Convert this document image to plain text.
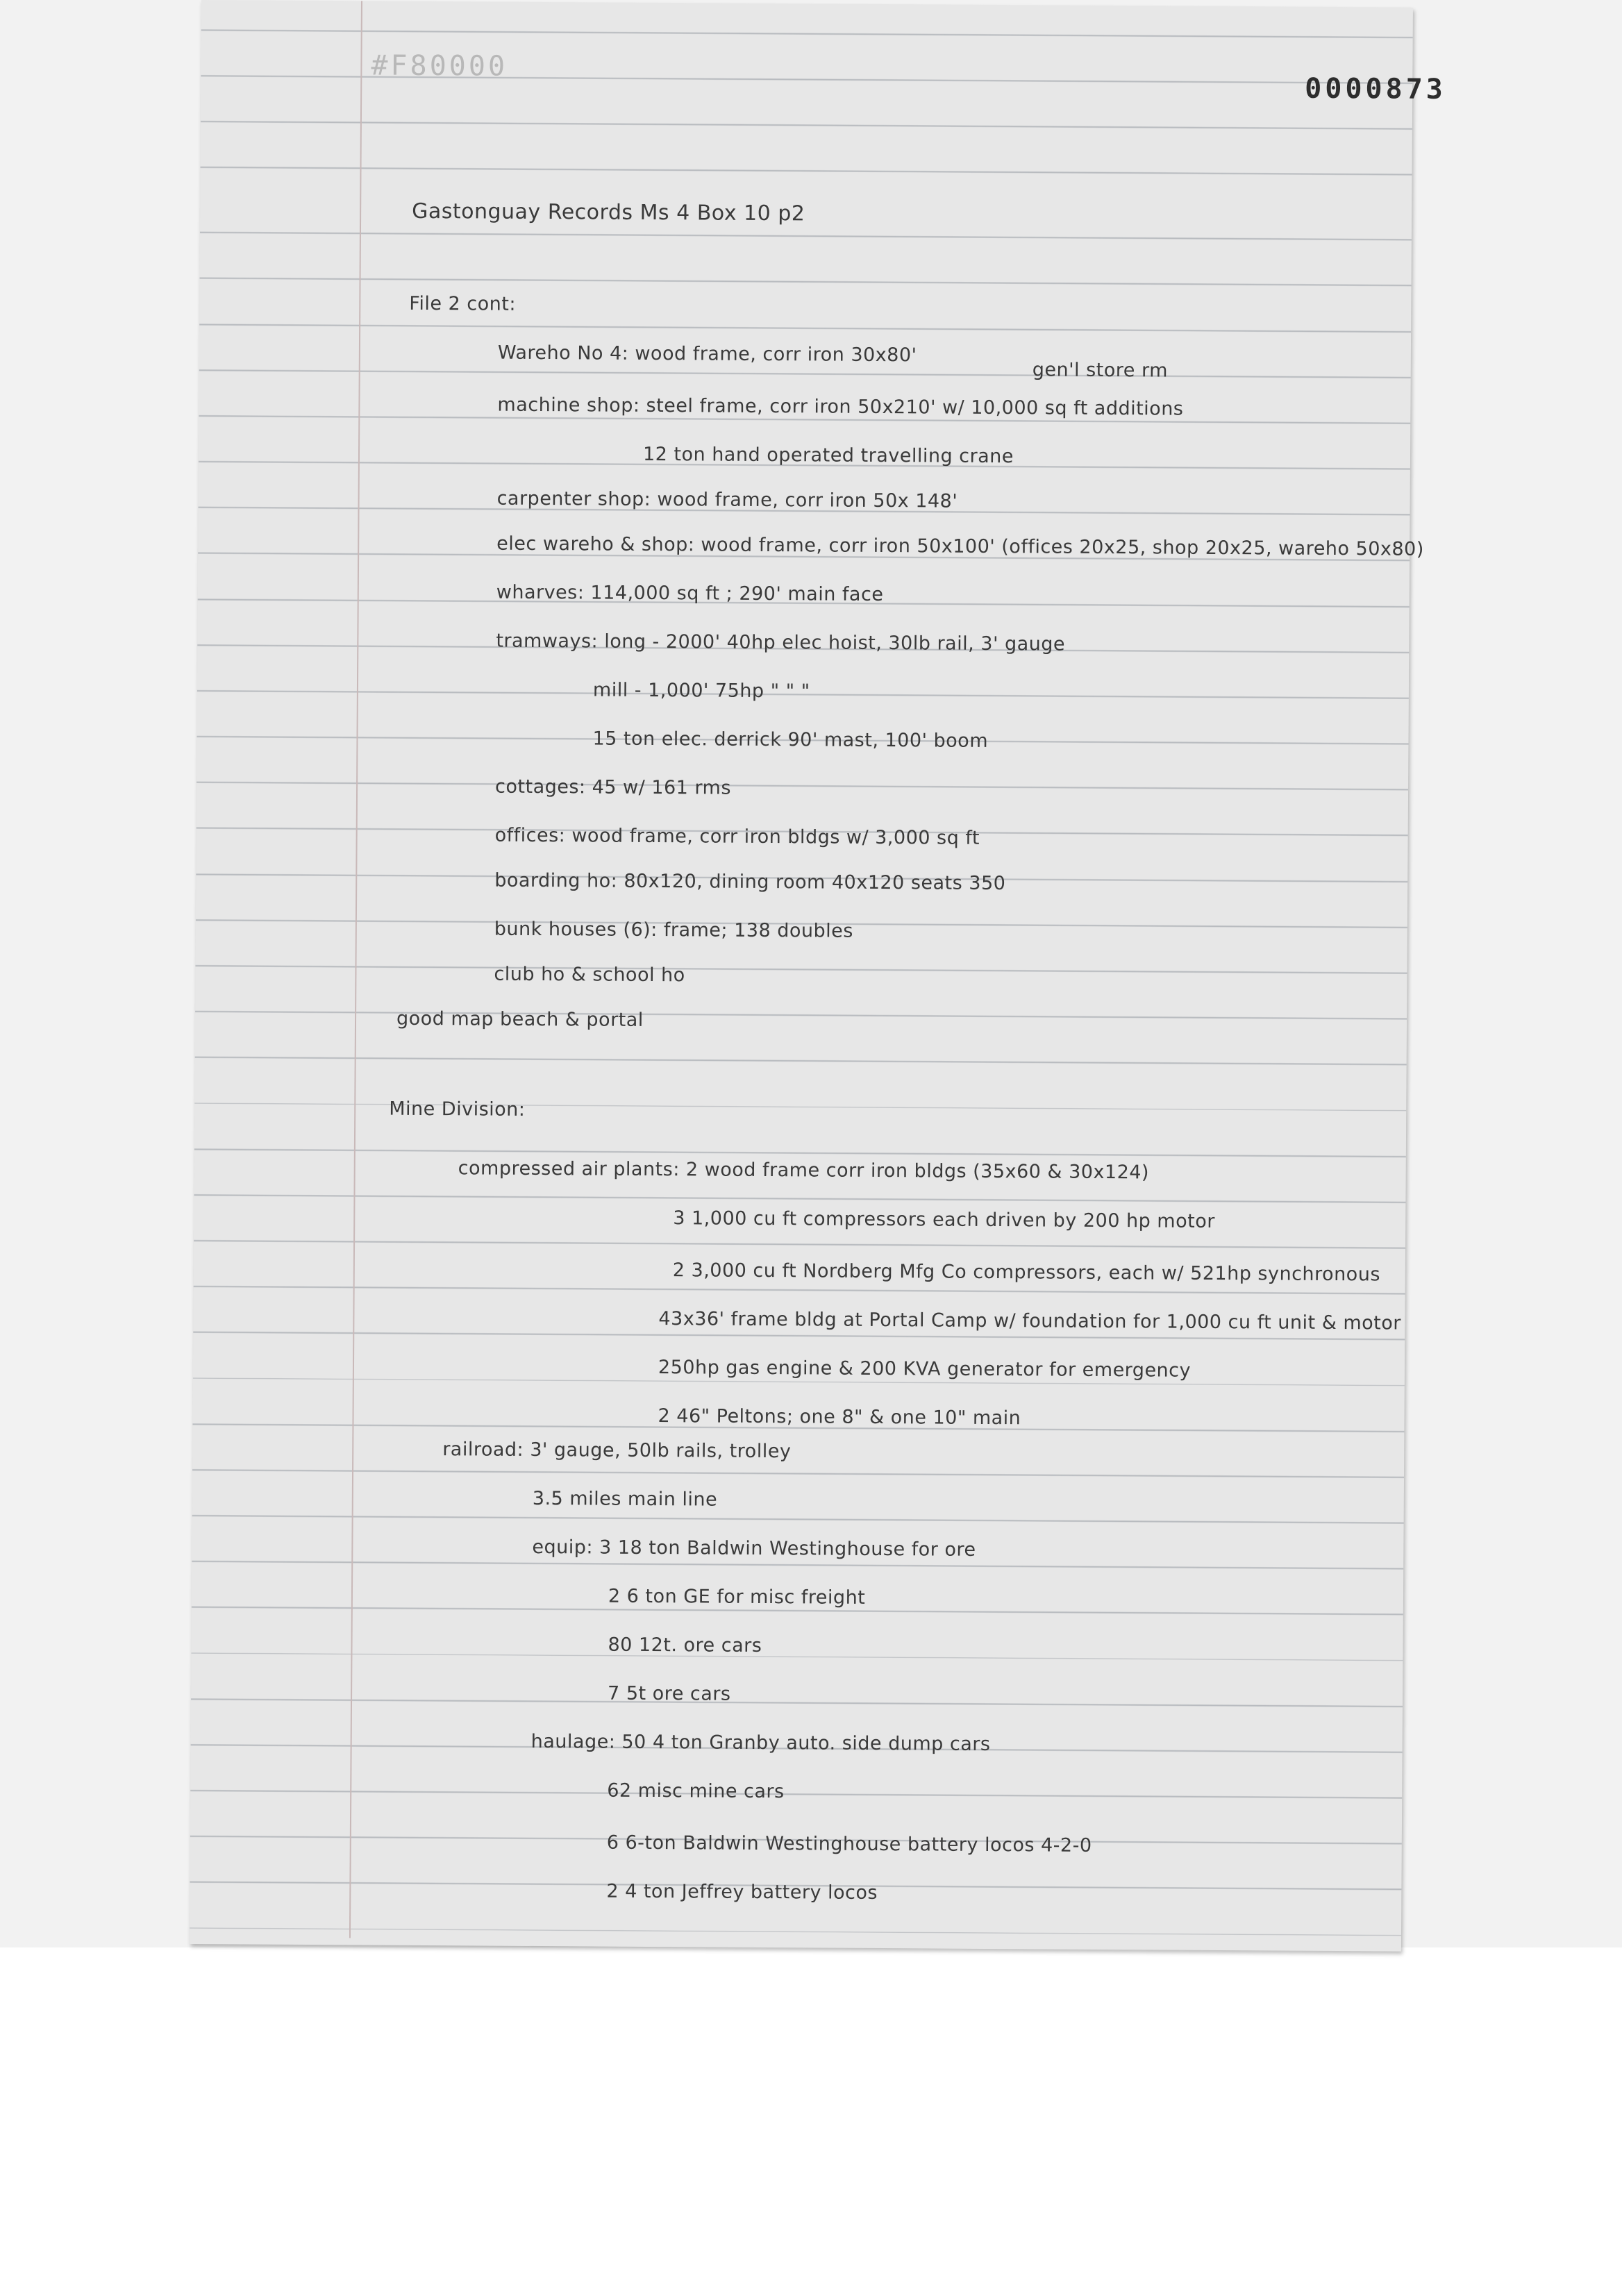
#F80000
0000873
Gastonguay Records Ms 4 Box 10 p2
File 2 cont:
Wareho No 4: wood frame, corr iron 30x80'
gen'l store rm
machine shop: steel frame, corr iron 50x210' w/ 10,000 sq ft additions
12 ton hand operated travelling crane
carpenter shop: wood frame, corr iron 50x 148'
elec wareho & shop: wood frame, corr iron 50x100' (offices 20x25, shop 20x25, wareho 50x80)
wharves: 114,000 sq ft ; 290' main face
tramways: long - 2000' 40hp elec hoist, 30lb rail, 3' gauge
mill - 1,000' 75hp " " "
15 ton elec. derrick 90' mast, 100' boom
cottages: 45 w/ 161 rms
offices: wood frame, corr iron bldgs w/ 3,000 sq ft
boarding ho: 80x120, dining room 40x120 seats 350
bunk houses (6): frame; 138 doubles
club ho & school ho
good map beach & portal
Mine Division:
compressed air plants: 2 wood frame corr iron bldgs (35x60 & 30x124)
3 1,000 cu ft compressors each driven by 200 hp motor
2 3,000 cu ft Nordberg Mfg Co compressors, each w/ 521hp synchronous
43x36' frame bldg at Portal Camp w/ foundation for 1,000 cu ft unit & motor
250hp gas engine & 200 KVA generator for emergency
2 46" Peltons; one 8" & one 10" main
railroad: 3' gauge, 50lb rails, trolley
3.5 miles main line
equip: 3 18 ton Baldwin Westinghouse for ore
2 6 ton GE for misc freight
80 12t. ore cars
7 5t ore cars
haulage: 50 4 ton Granby auto. side dump cars
62 misc mine cars
6 6-ton Baldwin Westinghouse battery locos 4-2-0
2 4 ton Jeffrey battery locos
